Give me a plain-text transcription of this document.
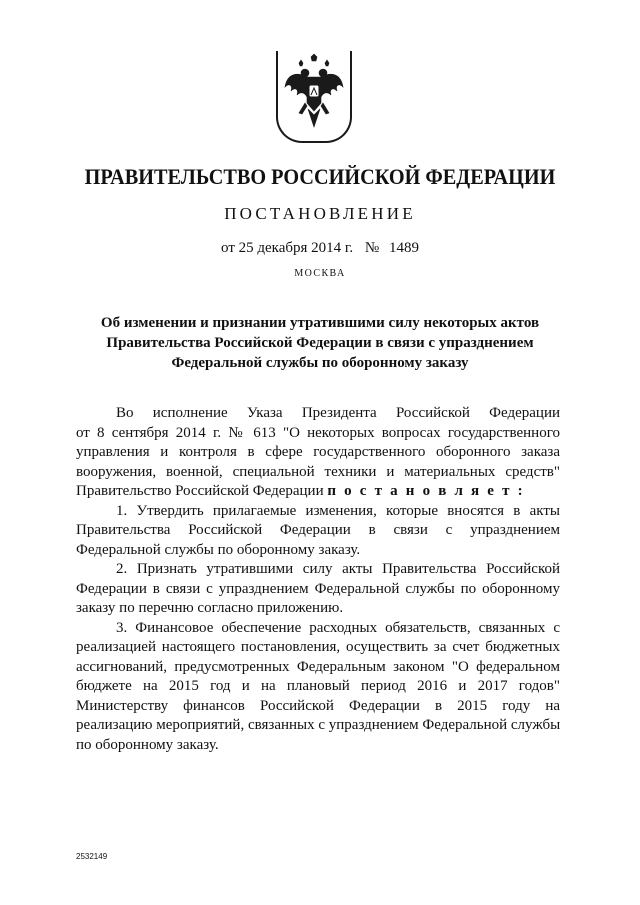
ПРАВИТЕЛЬСТВО РОССИЙСКОЙ ФЕДЕРАЦИИ
ПОСТАНОВЛЕНИЕ
от 25 декабря 2014 г. № 1489
МОСКВА
Об изменении и признании утратившими силу некоторых актов
Правительства Российской Федерации в связи с упразднением
Федеральной службы по оборонному заказу
Во исполнение Указа Президента Российской Федерации
от 8 сентября 2014 г. № 613 "О некоторых вопросах государственного
управления и контроля в сфере государственного оборонного заказа
вооружения, военной, специальной техники и материальных средств"
Правительство Российской Федерации п о с т а н о в л я е т :
1. Утвердить прилагаемые изменения, которые вносятся в акты
Правительства Российской Федерации в связи с упразднением
Федеральной службы по оборонному заказу.
2. Признать утратившими силу акты Правительства Российской
Федерации в связи с упразднением Федеральной службы по оборонному
заказу по перечню согласно приложению.
3. Финансовое обеспечение расходных обязательств, связанных с
реализацией настоящего постановления, осуществить за счет бюджетных
ассигнований, предусмотренных Федеральным законом "О федеральном
бюджете на 2015 год и на плановый период 2016 и 2017 годов"
Министерству финансов Российской Федерации в 2015 году на
реализацию мероприятий, связанных с упразднением Федеральной службы
по оборонному заказу.
2532149
